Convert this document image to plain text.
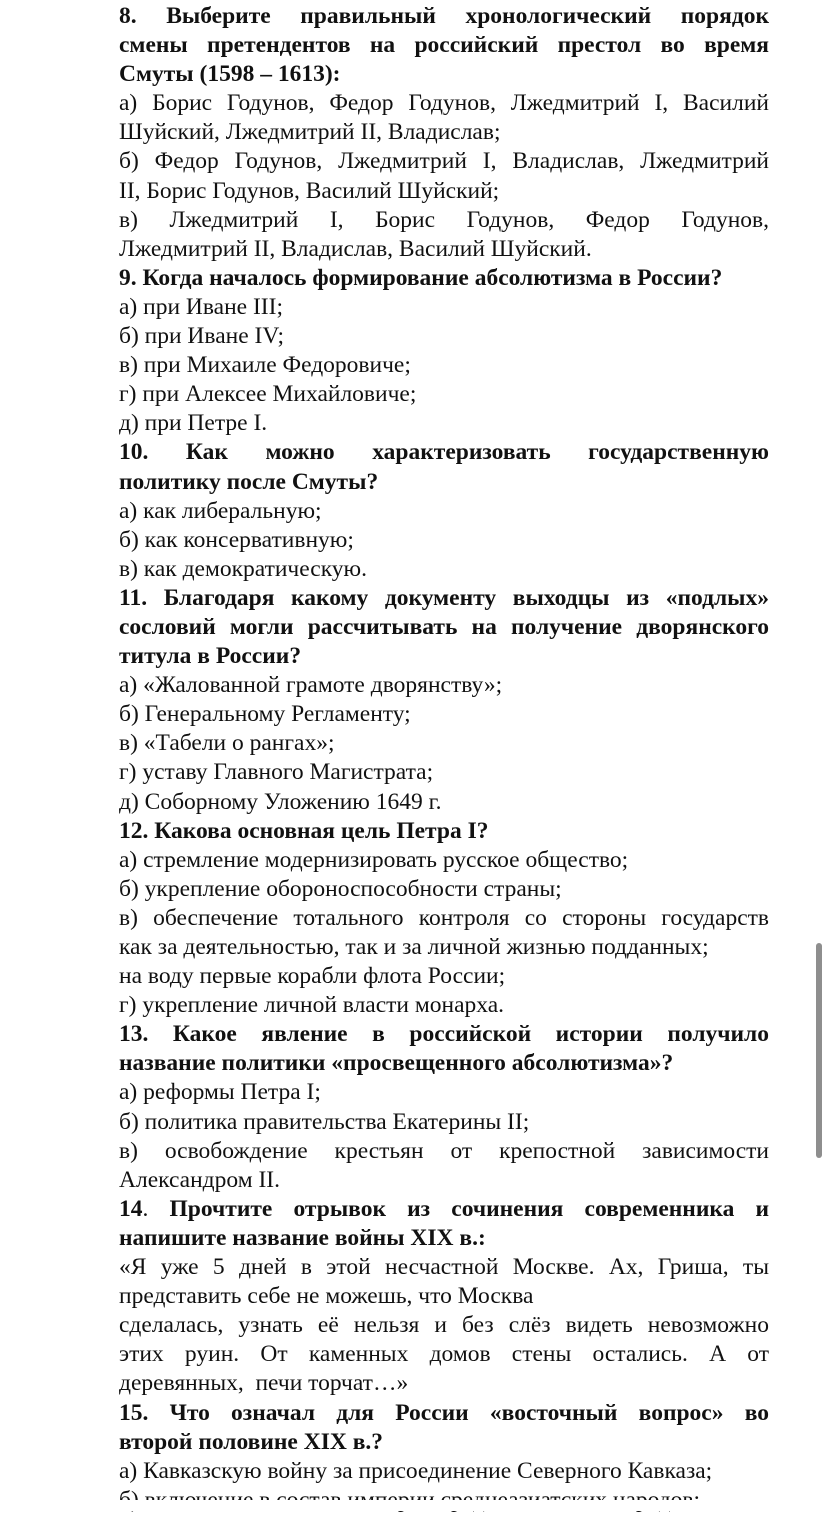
8. Выберите правильный хронологический порядок
смены претендентов на российский престол во время
Смуты (1598 – 1613):
а) Борис Годунов, Федор Годунов, Лжедмитрий I, Василий
Шуйский, Лжедмитрий II, Владислав;
б) Федор Годунов, Лжедмитрий I, Владислав, Лжедмитрий
II, Борис Годунов, Василий Шуйский;
в) Лжедмитрий I, Борис Годунов, Федор Годунов,
Лжедмитрий II, Владислав, Василий Шуйский.
9. Когда началось формирование абсолютизма в России?
а) при Иване III;
б) при Иване IV;
в) при Михаиле Федоровиче;
г) при Алексее Михайловиче;
д) при Петре I.
10. Как можно характеризовать государственную
политику после Смуты?
а) как либеральную;
б) как консервативную;
в) как демократическую.
11. Благодаря какому документу выходцы из «подлых»
сословий могли рассчитывать на получение дворянского
титула в России?
а) «Жалованной грамоте дворянству»;
б) Генеральному Регламенту;
в) «Табели о рангах»;
г) уставу Главного Магистрата;
д) Соборному Уложению 1649 г.
12. Какова основная цель Петра I?
а) стремление модернизировать русское общество;
б) укрепление обороноспособности страны;
в) обеспечение тотального контроля со стороны государств
как за деятельностью, так и за личной жизнью подданных;
на воду первые корабли флота России;
г) укрепление личной власти монарха.
13. Какое явление в российской истории получило
название политики «просвещенного абсолютизма»?
а) реформы Петра I;
б) политика правительства Екатерины II;
в) освобождение крестьян от крепостной зависимости
Александром II.
14. Прочтите отрывок из сочинения современника и
напишите название войны XIX в.:
«Я уже 5 дней в этой несчастной Москве. Ах, Гриша, ты
представить себе не можешь, что Москва
сделалась, узнать её нельзя и без слёз видеть невозможно
этих руин. От каменных домов стены остались. А от
деревянных,  печи торчат…»
15. Что означал для России «восточный вопрос» во
второй половине XIX в.?
а) Кавказскую войну за присоединение Северного Кавказа;
